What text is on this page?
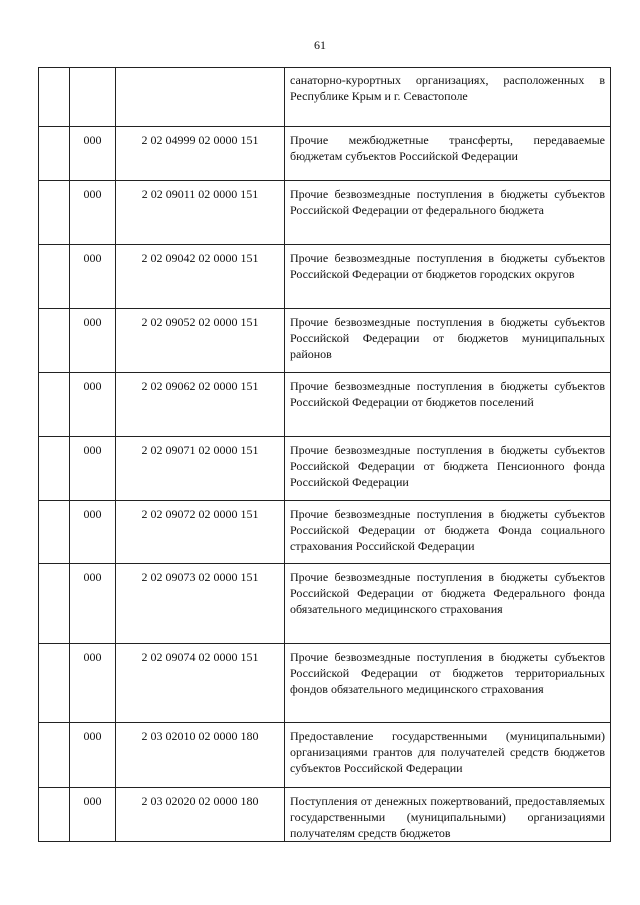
61
			санаторно-курортных организациях, расположенных в Республике Крым и г. Севастополе
	000	2 02 04999 02 0000 151	Прочие межбюджетные трансферты, передаваемые бюджетам субъектов Российской Федерации
	000	2 02 09011 02 0000 151	Прочие безвозмездные поступления в бюджеты субъектов Российской Федерации от федерального бюджета
	000	2 02 09042 02 0000 151	Прочие безвозмездные поступления в бюджеты субъектов Российской Федерации от бюджетов городских округов
	000	2 02 09052 02 0000 151	Прочие безвозмездные поступления в бюджеты субъектов Российской Федерации от бюджетов муниципальных районов
	000	2 02 09062 02 0000 151	Прочие безвозмездные поступления в бюджеты субъектов Российской Федерации от бюджетов поселений
	000	2 02 09071 02 0000 151	Прочие безвозмездные поступления в бюджеты субъектов Российской Федерации от бюджета Пенсионного фонда Российской Федерации
	000	2 02 09072 02 0000 151	Прочие безвозмездные поступления в бюджеты субъектов Российской Федерации от бюджета Фонда социального страхования Российской Федерации
	000	2 02 09073 02 0000 151	Прочие безвозмездные поступления в бюджеты субъектов Российской Федерации от бюджета Федерального фонда обязательного медицинского страхования
	000	2 02 09074 02 0000 151	Прочие безвозмездные поступления в бюджеты субъектов Российской Федерации от бюджетов территориальных фондов обязательного медицинского страхования
	000	2 03 02010 02 0000 180	Предоставление государственными (муниципальными) организациями грантов для получателей средств бюджетов субъектов Российской Федерации
	000	2 03 02020 02 0000 180	Поступления от денежных пожертвований, предоставляемых государственными (муниципальными) организациями получателям средств бюджетов
